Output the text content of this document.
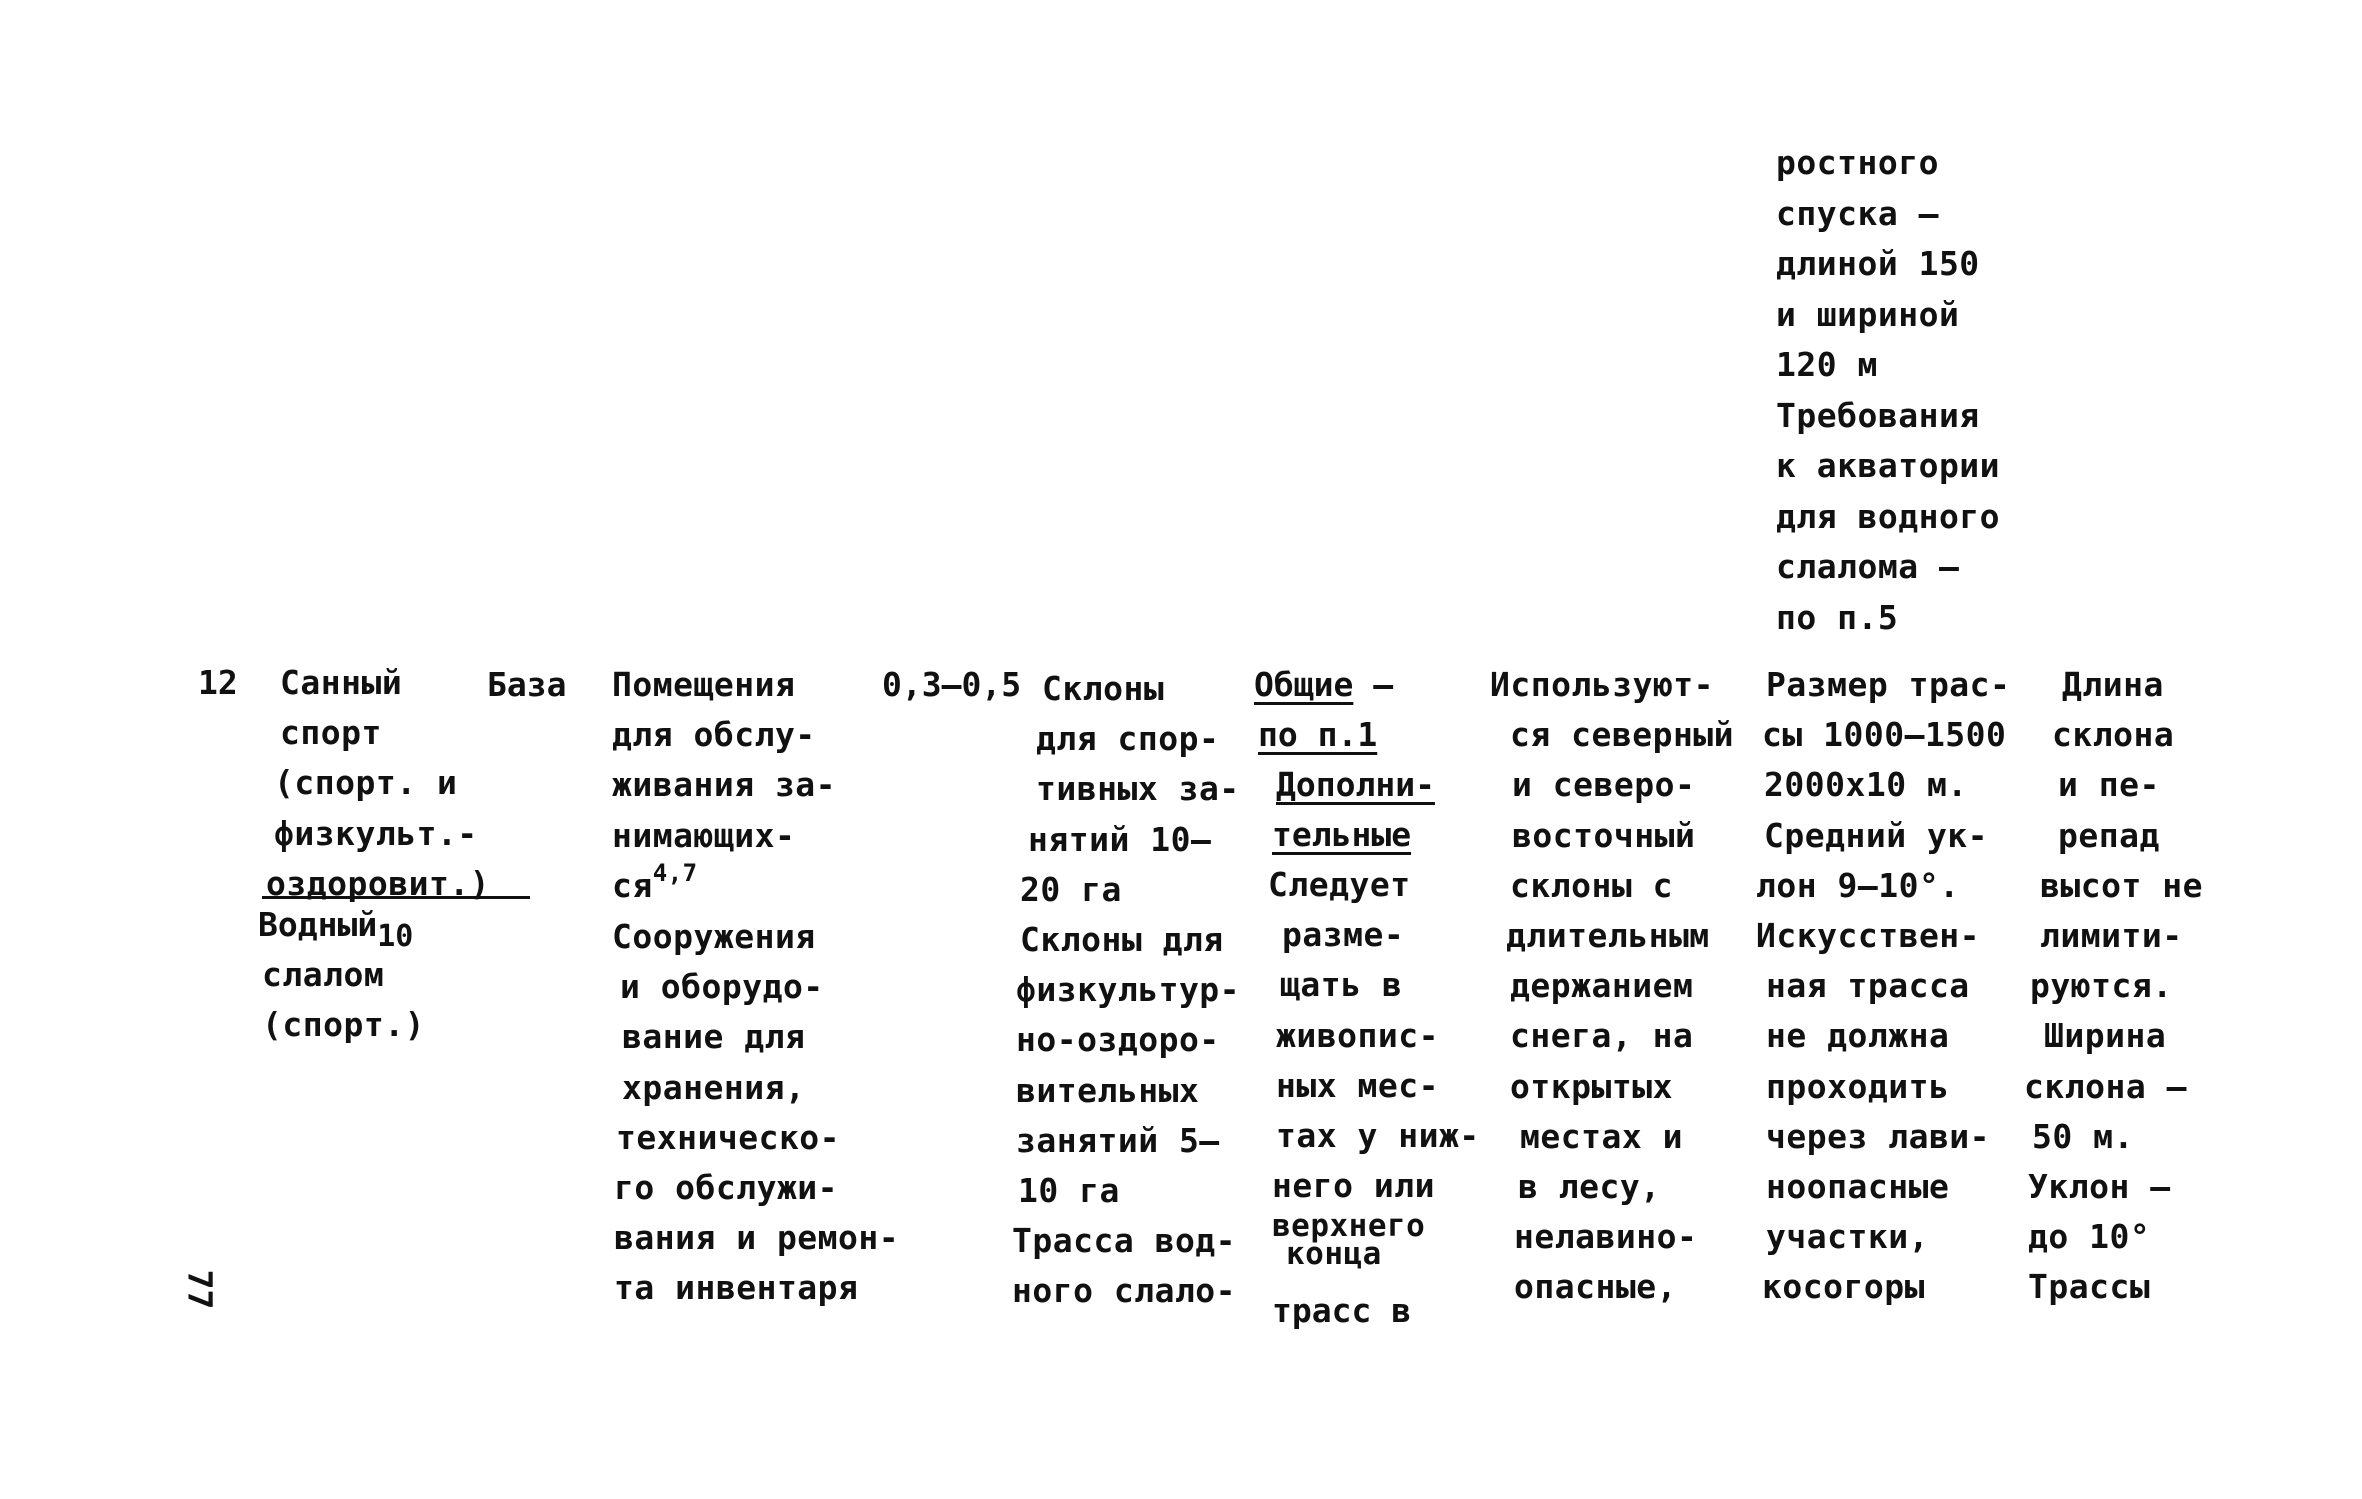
ростного
спуска –
длиной 150
и шириной
120 м
Требования
к акватории
для водного
слалома –
по п.5
12	Санный
спорт
(спорт. и
физкульт.-
оздоровит.)
Водный10
слалом
(спорт.)
База Помещения
для обслу-
живания за-
нимающих-
ся$^{4,7}$
Сооружения
и оборудо-
вание для
хранения,
техническо-
го обслужи-
вания и ремон-
та инвентаря
0,3–0,5 Склоны
для спор-
тивных за-
нятий 10–
20 га
Склоны для
физкультур-
но-оздоро-
вительных
занятий 5–
10 га
Трасса вод-
ного слало-
Общие –
по п.1
Дополни-
тельные
Следует
разме-
щать в
живопис-
ных мес-
тах у ниж-
него или
верхнего
конца
трасс в
Используют-
ся северный
и северо-
восточный
склоны с
длительным
держанием
снега, на
открытых
местах и
в лесу,
нелавино-
опасные,
Размер трас-
сы 1000–1500
2000х10 м.
Средний ук-
лон 9–10°.
Искусствен-
ная трасса
не должна
проходить
через лави-
ноопасные
участки,
косогоры
Длина
склона
и пе-
репад
высот не
лимити-
руются.
Ширина
склона –
50 м.
Уклон –
до 10°
Трассы
77
